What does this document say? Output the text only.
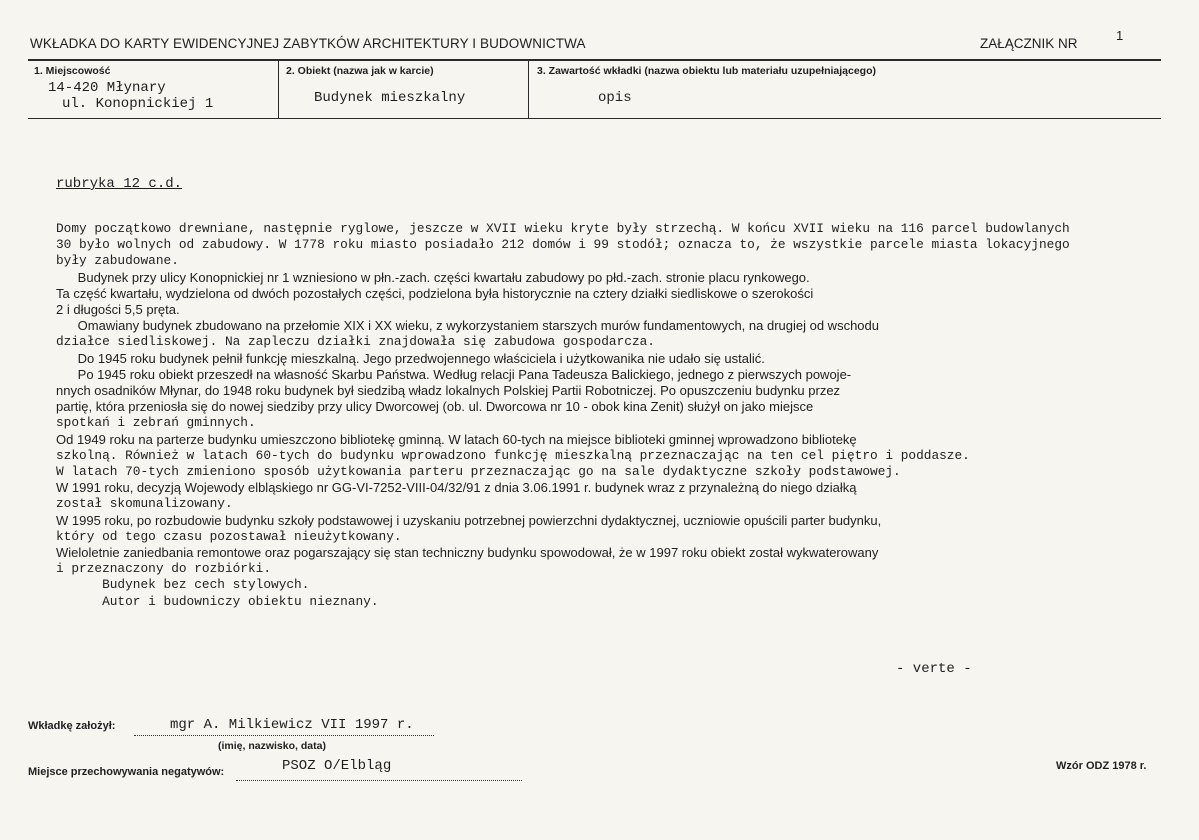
WKŁADKA DO KARTY EWIDENCYJNEJ ZABYTKÓW ARCHITEKTURY I BUDOWNICTWA	ZAŁĄCZNIK NR
1
1. Miejscowość
14-420 Młynary
ul. Konopnickiej 1
2. Obiekt (nazwa jak w karcie)
Budynek mieszkalny
3. Zawartość wkładki (nazwa obiektu lub materiału uzupełniającego)
opis
rubryka 12 c.d.

Domy początkowo drewniane, następnie ryglowe, jeszcze w XVII wieku kryte były strzechą. W końcu XVII wieku na 116 parcel budowlanych

30 było wolnych od zabudowy. W 1778 roku miasto posiadało 212 domów i 99 stodół; oznacza to, że wszystkie parcele miasta lokacyjnego

były zabudowane.

Budynek przy ulicy Konopnickiej nr 1 wzniesiono w płn.-zach. części kwartału zabudowy po płd.-zach. stronie placu rynkowego.

Ta część kwartału, wydzielona od dwóch pozostałych części, podzielona była historycznie na cztery działki siedliskowe o szerokości

2 i długości 5,5 pręta.

Omawiany budynek zbudowano na przełomie XIX i XX wieku, z wykorzystaniem starszych murów fundamentowych, na drugiej od wschodu

działce siedliskowej. Na zapleczu działki znajdowała się zabudowa gospodarcza.

Do 1945 roku budynek pełnił funkcję mieszkalną. Jego przedwojennego właściciela i użytkowanika nie udało się ustalić.

Po 1945 roku obiekt przeszedł na własność Skarbu Państwa. Według relacji Pana Tadeusza Balickiego, jednego z pierwszych powoje-

nnych osadników Młynar, do 1948 roku budynek był siedzibą władz lokalnych Polskiej Partii Robotniczej. Po opuszczeniu budynku przez

partię, która przeniosła się do nowej siedziby przy ulicy Dworcowej (ob. ul. Dworcowa nr 10 - obok kina Zenit) służył on jako miejsce

spotkań i zebrań gminnych.

Od 1949 roku na parterze budynku umieszczono bibliotekę gminną. W latach 60-tych na miejsce biblioteki gminnej wprowadzono bibliotekę

szkolną. Również w latach 60-tych do budynku wprowadzono funkcję mieszkalną przeznaczając na ten cel piętro i poddasze.

W latach 70-tych zmieniono sposób użytkowania parteru przeznaczając go na sale dydaktyczne szkoły podstawowej.

W 1991 roku, decyzją Wojewody elbląskiego nr GG-VI-7252-VIII-04/32/91 z dnia 3.06.1991 r. budynek wraz z przynależną do niego działką

został skomunalizowany.

W 1995 roku, po rozbudowie budynku szkoły podstawowej i uzyskaniu potrzebnej powierzchni dydaktycznej, uczniowie opuścili parter budynku,

który od tego czasu pozostawał nieużytkowany.

Wieloletnie zaniedbania remontowe oraz pogarszający się stan techniczny budynku spowodował, że w 1997 roku obiekt został wykwaterowany

i przeznaczony do rozbiórki.

Budynek bez cech stylowych.

Autor i budowniczy obiektu nieznany.

- verte -
Wkładkę założył:	mgr A. Milkiewicz VII 1997 r.
(imię, nazwisko, data)
Miejsce przechowywania negatywów:	PSOZ O/Elbląg	Wzór ODZ 1978 r.
